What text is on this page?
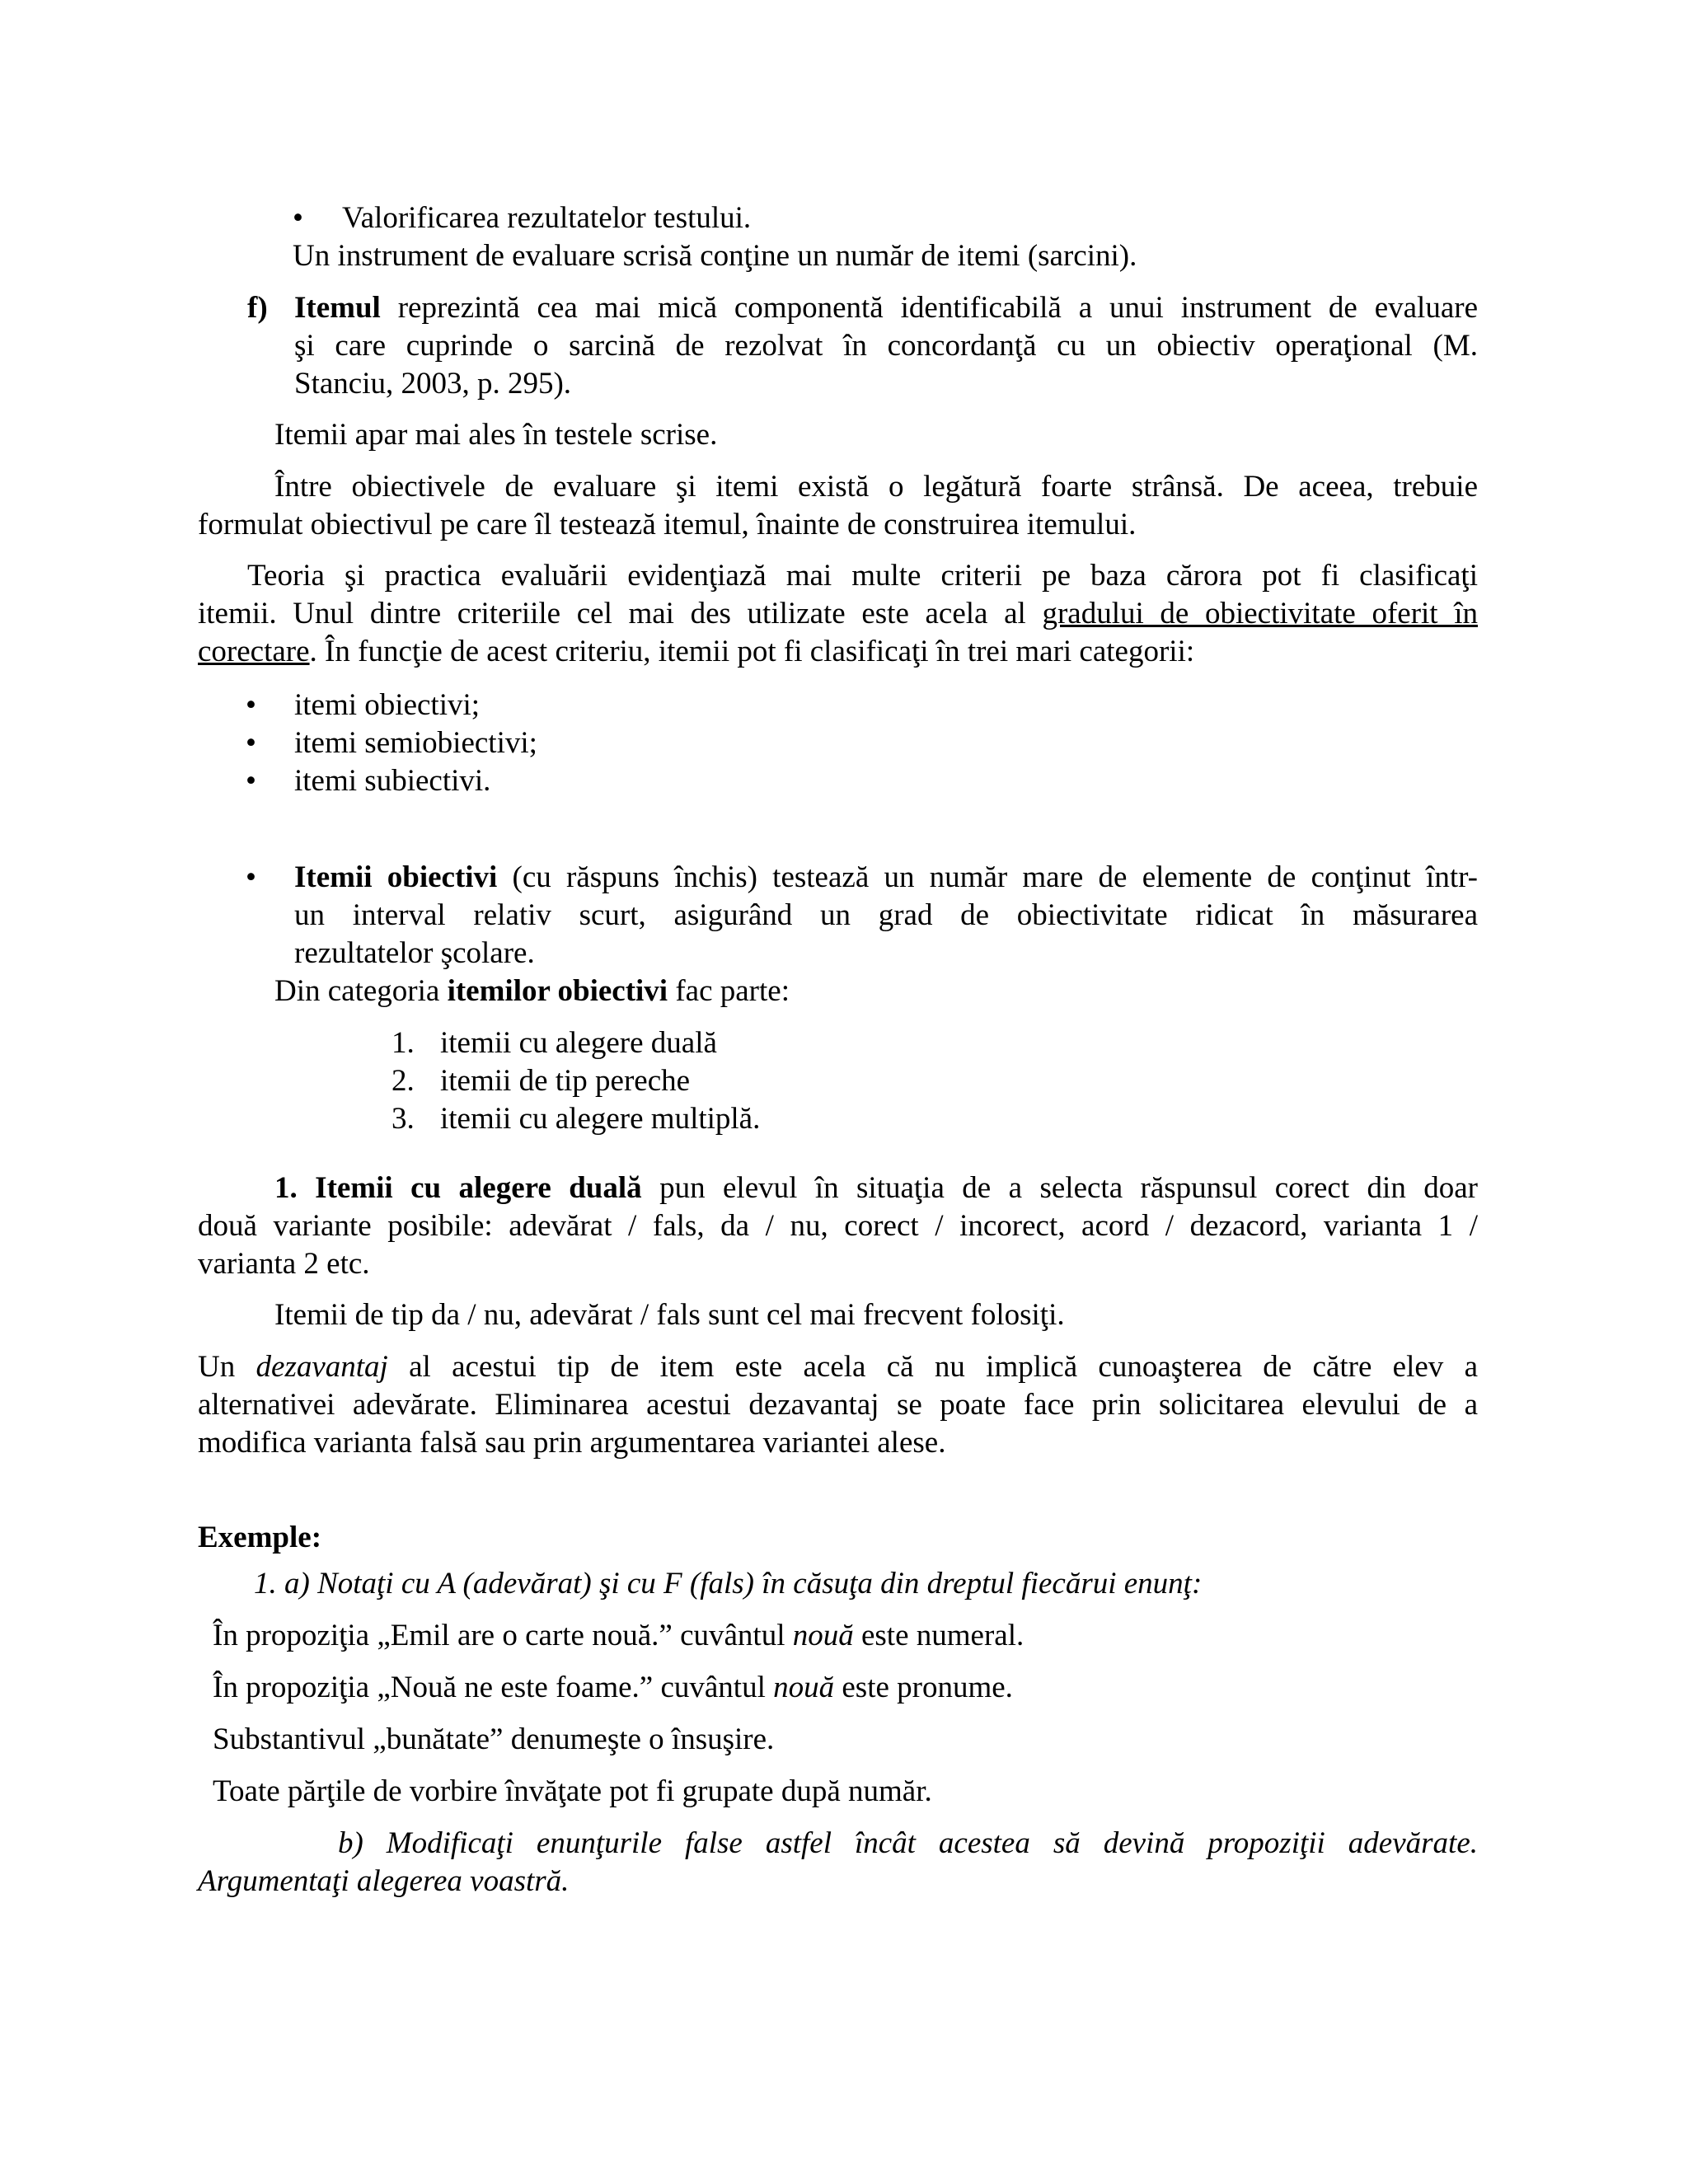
• Valorificarea rezultatelor testului.

Un instrument de evaluare scrisă conţine un număr de itemi (sarcini).

f) Itemul reprezintă cea mai mică componentă identificabilă a unui instrument de evaluare

şi care cuprinde o sarcină de rezolvat în concordanţă cu un obiectiv operaţional (M.

Stanciu, 2003, p. 295).

Itemii apar mai ales în testele scrise.

Între obiectivele de evaluare şi itemi există o legătură foarte strânsă. De aceea, trebuie

formulat obiectivul pe care îl testează itemul, înainte de construirea itemului.

Teoria şi practica evaluării evidenţiază mai multe criterii pe baza cărora pot fi clasificaţi

itemii. Unul dintre criteriile cel mai des utilizate este acela al gradului de obiectivitate oferit în

corectare. În funcţie de acest criteriu, itemii pot fi clasificaţi în trei mari categorii:

• itemi obiectivi;

• itemi semiobiectivi;

• itemi subiectivi.

• Itemii obiectivi (cu răspuns închis) testează un număr mare de elemente de conţinut într-

un interval relativ scurt, asigurând un grad de obiectivitate ridicat în măsurarea

rezultatelor şcolare.

Din categoria itemilor obiectivi fac parte:

1. itemii cu alegere duală

2. itemii de tip pereche

3. itemii cu alegere multiplă.

1. Itemii cu alegere duală pun elevul în situaţia de a selecta răspunsul corect din doar

două variante posibile: adevărat / fals, da / nu, corect / incorect, acord / dezacord, varianta 1 /

varianta 2 etc.

Itemii de tip da / nu, adevărat / fals sunt cel mai frecvent folosiţi.

Un dezavantaj al acestui tip de item este acela că nu implică cunoaşterea de către elev a

alternativei adevărate. Eliminarea acestui dezavantaj se poate face prin solicitarea elevului de a

modifica varianta falsă sau prin argumentarea variantei alese.

Exemple:

1. a) Notaţi cu A (adevărat) şi cu F (fals) în căsuţa din dreptul fiecărui enunţ:

În propoziţia „Emil are o carte nouă.” cuvântul nouă este numeral.

În propoziţia „Nouă ne este foame.” cuvântul nouă este pronume.

Substantivul „bunătate” denumeşte o însuşire.

Toate părţile de vorbire învăţate pot fi grupate după număr.

b) Modificaţi enunţurile false astfel încât acestea să devină propoziţii adevărate.

Argumentaţi alegerea voastră.
